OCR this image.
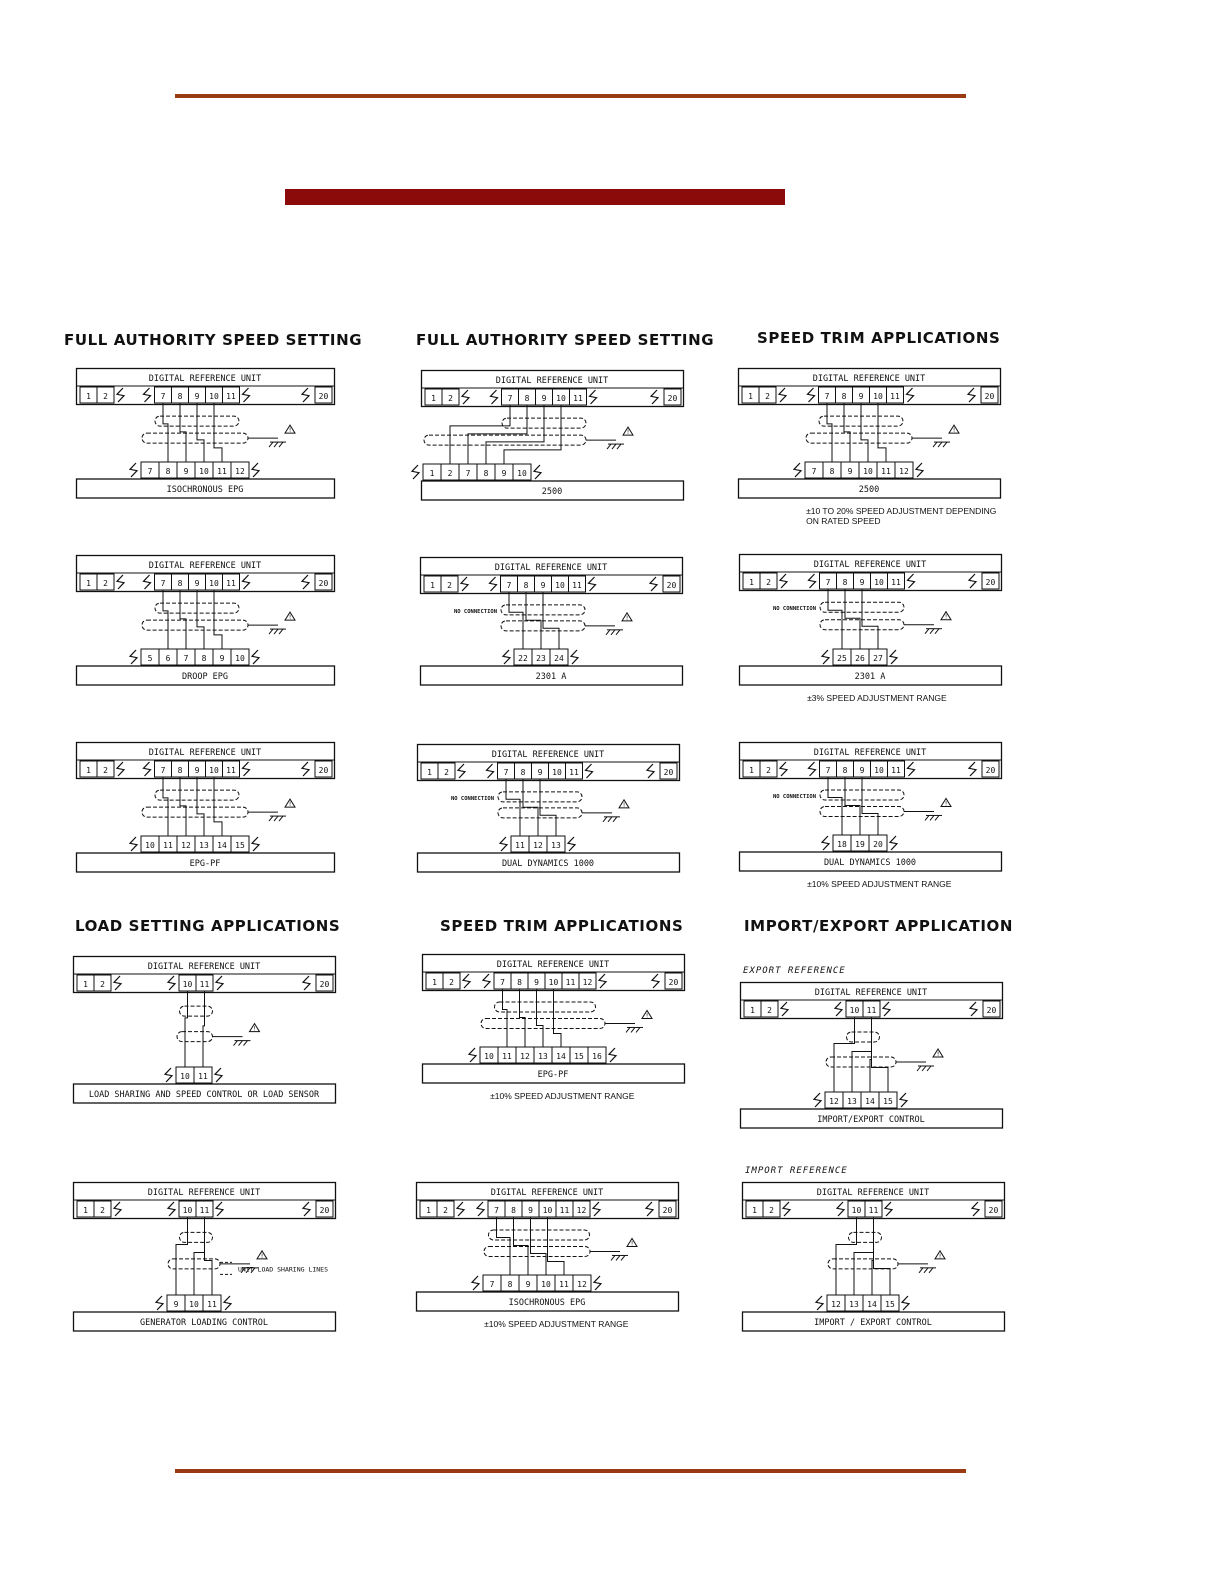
FULL AUTHORITY SPEED SETTING	FULL AUTHORITY SPEED SETTING	SPEED TRIM APPLICATIONS
LOAD SETTING APPLICATIONS	SPEED TRIM APPLICATIONS	IMPORT/EXPORT APPLICATION
DIGITAL REFERENCE UNIT
1 2	7 8 9 10 11	20
7 8 9 10 11 12
ISOCHRONOUS EPG
!
DIGITAL REFERENCE UNIT
1 2	7 8 9 10 11	20
1 2 7 8 9 10
2500
!
DIGITAL REFERENCE UNIT
1 2	7 8 9 10 11	20
7 8 9 10 11 12
2500
!
±10 TO 20% SPEED ADJUSTMENT DEPENDING ON RATED SPEED
DIGITAL REFERENCE UNIT
1 2	7 8 9 10 11	20
5 6 7 8 9 10
DROOP EPG
!
DIGITAL REFERENCE UNIT
1 2	7 8 9 10 11	20
22 23 24
2301 A
!
NO CONNECTION
DIGITAL REFERENCE UNIT
1 2	7 8 9 10 11	20
25 26 27
2301 A
!
NO CONNECTION
±3% SPEED ADJUSTMENT RANGE
DIGITAL REFERENCE UNIT
1 2	7 8 9 10 11	20
10 11 12 13 14 15
EPG-PF
!
DIGITAL REFERENCE UNIT
1 2	7 8 9 10 11	20
11 12 13
DUAL DYNAMICS 1000
!
NO CONNECTION
DIGITAL REFERENCE UNIT
1 2	7 8 9 10 11	20
18 19 20
DUAL DYNAMICS 1000
!
NO CONNECTION
±10% SPEED ADJUSTMENT RANGE
DIGITAL REFERENCE UNIT
1 2	10 11	20
10 11
LOAD SHARING AND SPEED CONTROL OR LOAD SENSOR
!
DIGITAL REFERENCE UNIT
1 2	7 8 9 10 11 12	20
10 11 12 13 14 15 16
EPG-PF
!
±10% SPEED ADJUSTMENT RANGE
DIGITAL REFERENCE UNIT
1 2	10 11	20
12 13 14 15
IMPORT/EXPORT CONTROL
!
EXPORT REFERENCE
DIGITAL REFERENCE UNIT
1 2	10 11	20
9 10 11
GENERATOR LOADING CONTROL
!
UNIT LOAD SHARING LINES
DIGITAL REFERENCE UNIT
1 2	7 8 9 10 11 12	20
7 8 9 10 11 12
ISOCHRONOUS EPG
!
±10% SPEED ADJUSTMENT RANGE
DIGITAL REFERENCE UNIT
1 2	10 11	20
12 13 14 15
IMPORT / EXPORT CONTROL
!
IMPORT REFERENCE
